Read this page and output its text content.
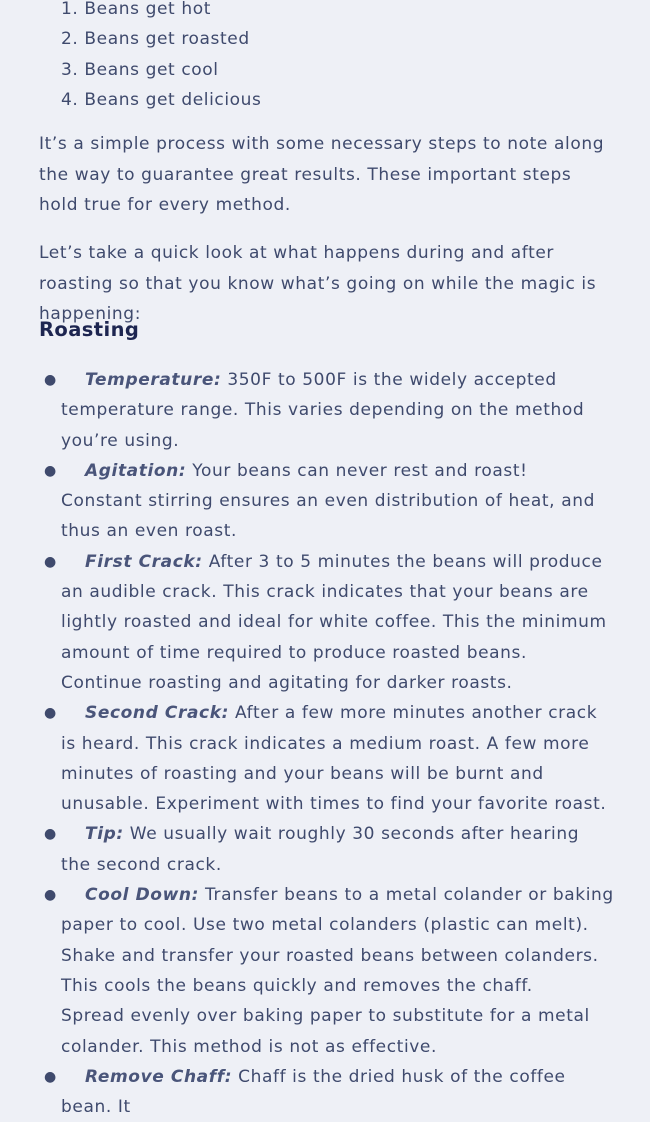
1. Beans get hot
2. Beans get roasted
3. Beans get cool
4. Beans get delicious

It’s a simple process with some necessary steps to note along the way to guarantee great results. These important steps hold true for every method.

Let’s take a quick look at what happens during and after roasting so that you know what’s going on while the magic is happening:

Roasting
● Temperature: 350F to 500F is the widely accepted temperature range. This varies depending on the method you’re using.
● Agitation: Your beans can never rest and roast! Constant stirring ensures an even distribution of heat, and thus an even roast.
● First Crack: After 3 to 5 minutes the beans will produce an audible crack. This crack indicates that your beans are lightly roasted and ideal for white coffee. This the minimum amount of time required to produce roasted beans. Continue roasting and agitating for darker roasts.
● Second Crack: After a few more minutes another crack is heard. This crack indicates a medium roast. A few more minutes of roasting and your beans will be burnt and unusable. Experiment with times to find your favorite roast.
● Tip: We usually wait roughly 30 seconds after hearing the second crack.
● Cool Down: Transfer beans to a metal colander or baking paper to cool. Use two metal colanders (plastic can melt). Shake and transfer your roasted beans between colanders. This cools the beans quickly and removes the chaff.
Spread evenly over baking paper to substitute for a metal colander. This method is not as effective.
● Remove Chaff: Chaff is the dried husk of the coffee bean. It
